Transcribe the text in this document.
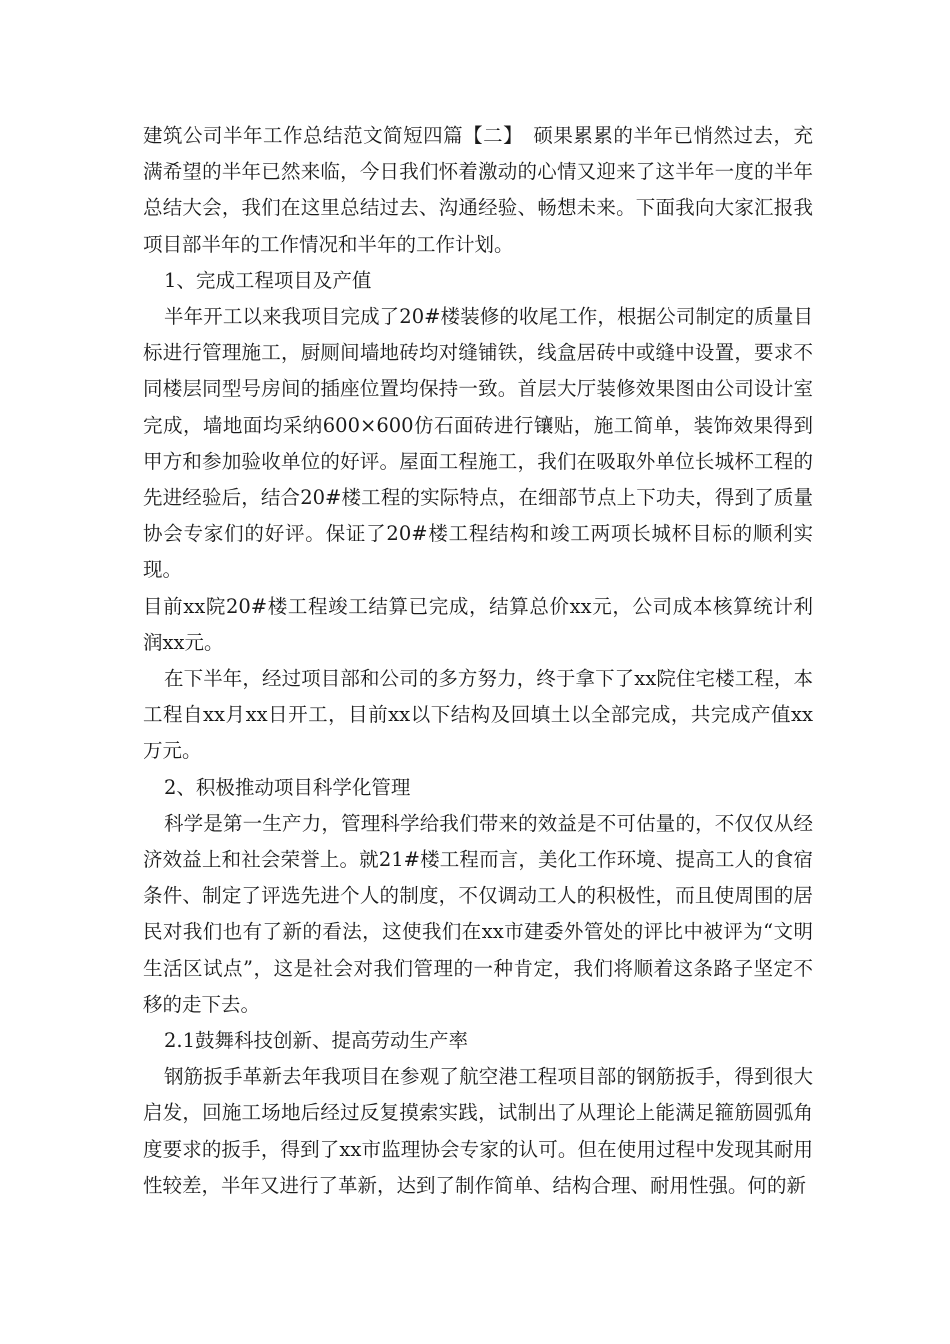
建筑公司半年工作总结范文简短四篇【二】　硕果累累的半年已悄然过去，充满希望的半年已然来临，今日我们怀着激动的心情又迎来了这半年一度的半年总结大会，我们在这里总结过去、沟通经验、畅想未来。下面我向大家汇报我项目部半年的工作情况和半年的工作计划。

1、完成工程项目及产值

半年开工以来我项目完成了20#楼装修的收尾工作，根据公司制定的质量目标进行管理施工，厨厕间墙地砖均对缝铺铁，线盒居砖中或缝中设置，要求不同楼层同型号房间的插座位置均保持一致。首层大厅装修效果图由公司设计室完成，墙地面均采纳600×600仿石面砖进行镶贴，施工简单，装饰效果得到甲方和参加验收单位的好评。屋面工程施工，我们在吸取外单位长城杯工程的先进经验后，结合20#楼工程的实际特点，在细部节点上下功夫，得到了质量协会专家们的好评。保证了20#楼工程结构和竣工两项长城杯目标的顺利实现。

目前xx院20#楼工程竣工结算已完成，结算总价xx元，公司成本核算统计利润xx元。

在下半年，经过项目部和公司的多方努力，终于拿下了xx院住宅楼工程，本工程自xx月xx日开工，目前xx以下结构及回填土以全部完成，共完成产值xx万元。

2、积极推动项目科学化管理

科学是第一生产力，管理科学给我们带来的效益是不可估量的，不仅仅从经济效益上和社会荣誉上。就21#楼工程而言，美化工作环境、提高工人的食宿条件、制定了评选先进个人的制度，不仅调动工人的积极性，而且使周围的居民对我们也有了新的看法，这使我们在xx市建委外管处的评比中被评为“文明生活区试点”，这是社会对我们管理的一种肯定，我们将顺着这条路子坚定不移的走下去。

2.1鼓舞科技创新、提高劳动生产率

钢筋扳手革新去年我项目在参观了航空港工程项目部的钢筋扳手，得到很大启发，回施工场地后经过反复摸索实践，试制出了从理论上能满足箍筋圆弧角度要求的扳手，得到了xx市监理协会专家的认可。但在使用过程中发现其耐用性较差，半年又进行了革新，达到了制作简单、结构合理、耐用性强。何的新
